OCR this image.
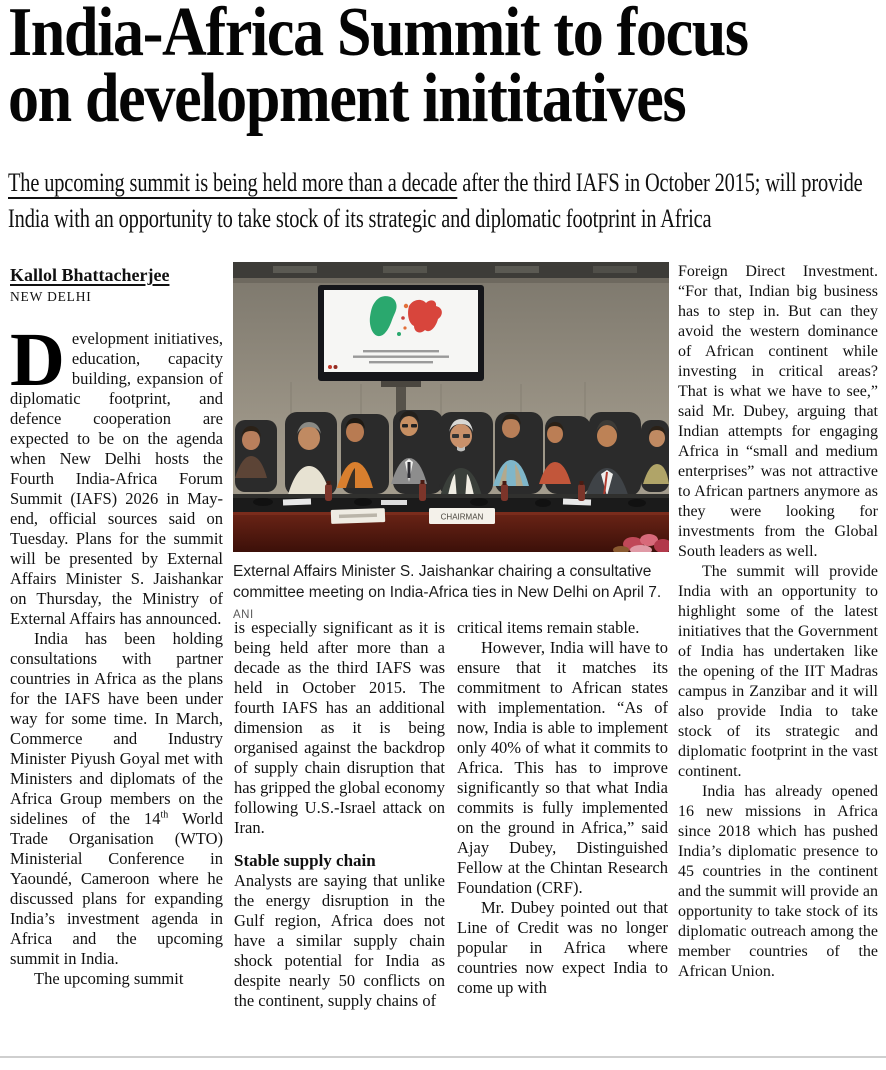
India-Africa Summit to focus
on development inititatives
The upcoming summit is being held more than a decade after the third IAFS in October 2015; will provide India with an opportunity to take stock of its strategic and diplomatic footprint in Africa
Kallol Bhattacherjee
NEW DELHI

Development initiatives, education, capacity building, expansion of diplomatic footprint, and defence cooperation are expected to be on the agenda when New Delhi hosts the Fourth India-Africa Forum Summit (IAFS) 2026 in May-end, official sources said on Tuesday. Plans for the summit will be presented by External Affairs Minister S. Jaishankar on Thursday, the Ministry of External Affairs has announced.

India has been holding consultations with partner countries in Africa as the plans for the IAFS have been under way for some time. In March, Commerce and Industry Minister Piyush Goyal met with Ministers and diplomats of the Africa Group members on the sidelines of the 14th World Trade Organisation (WTO) Ministerial Conference in Yaoundé, Cameroon where he discussed plans for expanding India’s investment agenda in Africa and the upcoming summit in India.

The upcoming summit

CHAIRMAN
External Affairs Minister S. Jaishankar chairing a consultative committee meeting on India-Africa ties in New Delhi on April 7. ANI

is especially significant as it is being held after more than a decade as the third IAFS was held in October 2015. The fourth IAFS has an additional dimension as it is being organised against the backdrop of supply chain disruption that has gripped the global economy following U.S.-Israel attack on Iran.

Stable supply chain

Analysts are saying that unlike the energy disruption in the Gulf region, Africa does not have a similar supply chain shock potential for India as despite nearly 50 conflicts on the continent, supply chains of

critical items remain stable.

However, India will have to ensure that it matches its commitment to African states with implementation. “As of now, India is able to implement only 40% of what it commits to Africa. This has to improve significantly so that what India commits is fully implemented on the ground in Africa,” said Ajay Dubey, Distinguished Fellow at the Chintan Research Foundation (CRF).

Mr. Dubey pointed out that Line of Credit was no longer popular in Africa where countries now expect India to come up with

Foreign Direct Investment. “For that, Indian big business has to step in. But can they avoid the western dominance of African continent while investing in critical areas? That is what we have to see,” said Mr. Dubey, arguing that Indian attempts for engaging Africa in “small and medium enterprises” was not attractive to African partners anymore as they were looking for investments from the Global South leaders as well.

The summit will provide India with an opportunity to highlight some of the latest initiatives that the Government of India has undertaken like the opening of the IIT Madras campus in Zanzibar and it will also provide India to take stock of its strategic and diplomatic footprint in the vast continent.

India has already opened 16 new missions in Africa since 2018 which has pushed India’s diplomatic presence to 45 countries in the continent and the summit will provide an opportunity to take stock of its diplomatic outreach among the member countries of the African Union.
